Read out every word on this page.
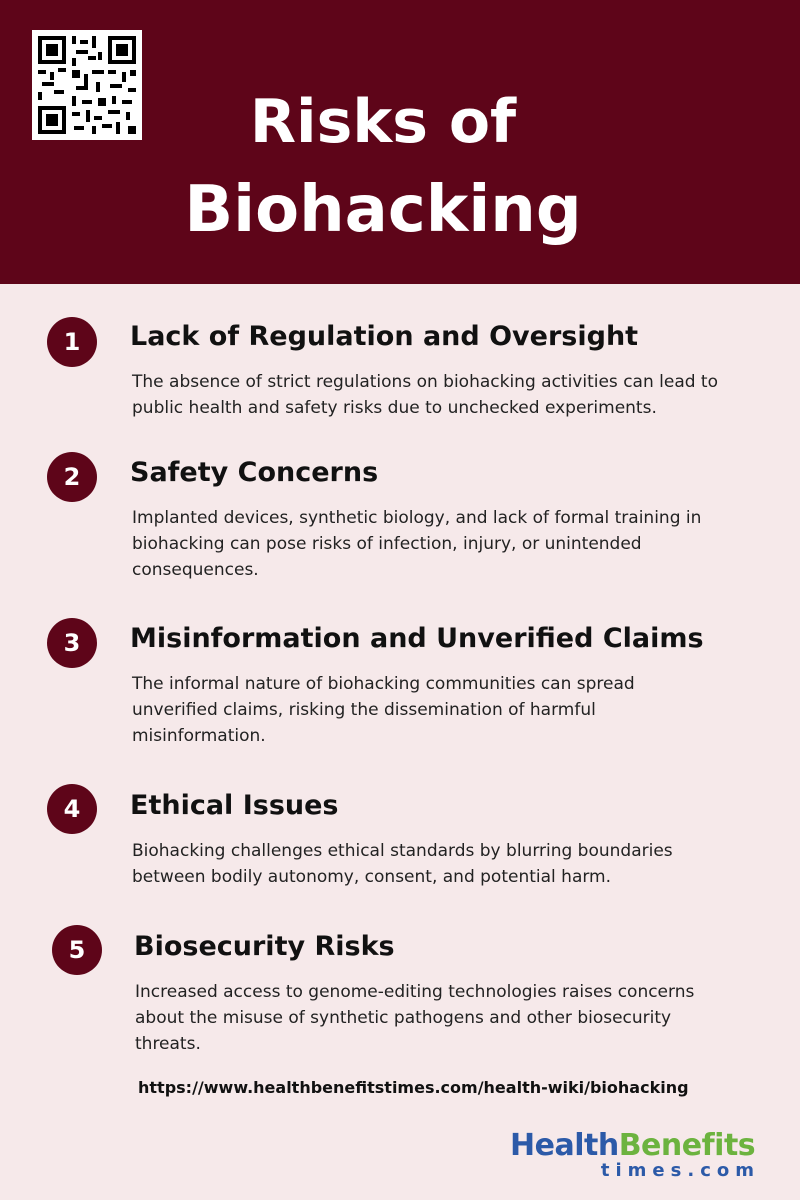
Risks of
Biohacking
1	Lack of Regulation and Oversight
The absence of strict regulations on biohacking activities can lead to public health and safety risks due to unchecked experiments.
2	Safety Concerns
Implanted devices, synthetic biology, and lack of formal training in biohacking can pose risks of infection, injury, or unintended consequences.
3	Misinformation and Unverified Claims
The informal nature of biohacking communities can spread unverified claims, risking the dissemination of harmful misinformation.
4	Ethical Issues
Biohacking challenges ethical standards by blurring boundaries between bodily autonomy, consent, and potential harm.
5	Biosecurity Risks
Increased access to genome-editing technologies raises concerns about the misuse of synthetic pathogens and other biosecurity threats.
https://www.healthbenefitstimes.com/health-wiki/biohacking
HealthBenefits
times.com
